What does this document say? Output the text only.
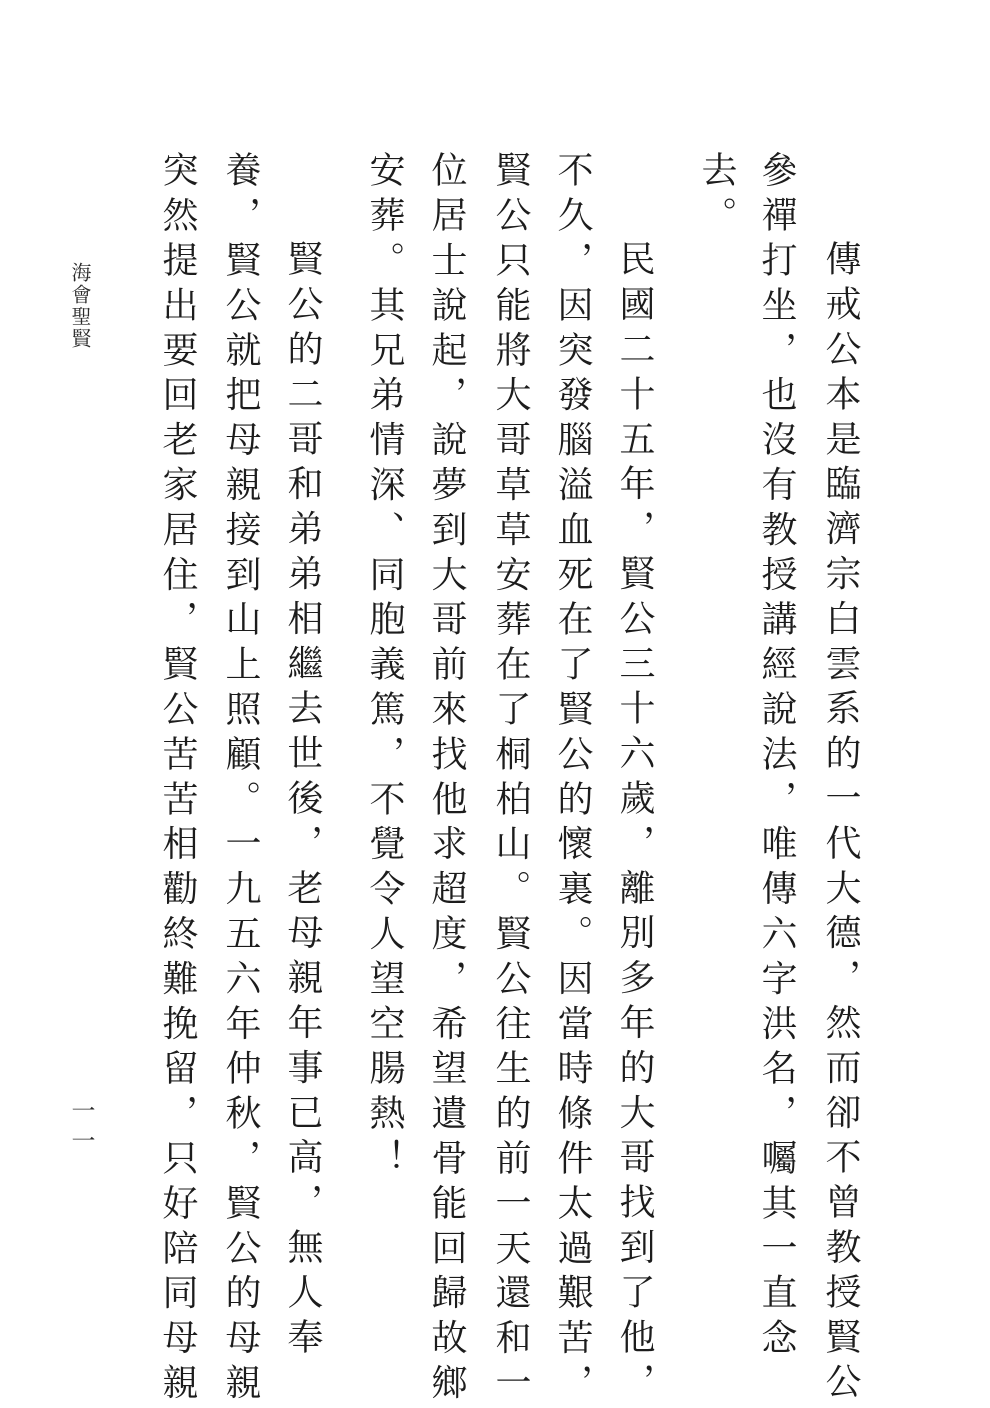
傳戒公本是臨濟宗白雲系的一代大德，然而卻不曾教授賢公
參禪打坐，也沒有教授講經說法，唯傳六字洪名，囑其一直念
去。
民國二十五年，賢公三十六歲，離別多年的大哥找到了他，
不久，因突發腦溢血死在了賢公的懷裏。因當時條件太過艱苦，
賢公只能將大哥草草安葬在了桐柏山。賢公往生的前一天還和一
位居士說起，說夢到大哥前來找他求超度，希望遺骨能回歸故鄉
安葬。其兄弟情深、同胞義篤，不覺令人望空腸熱！
賢公的二哥和弟弟相繼去世後，老母親年事已高，無人奉
養，賢公就把母親接到山上照顧。一九五六年仲秋，賢公的母親
突然提出要回老家居住，賢公苦苦相勸終難挽留，只好陪同母親
海會聖賢
一一
